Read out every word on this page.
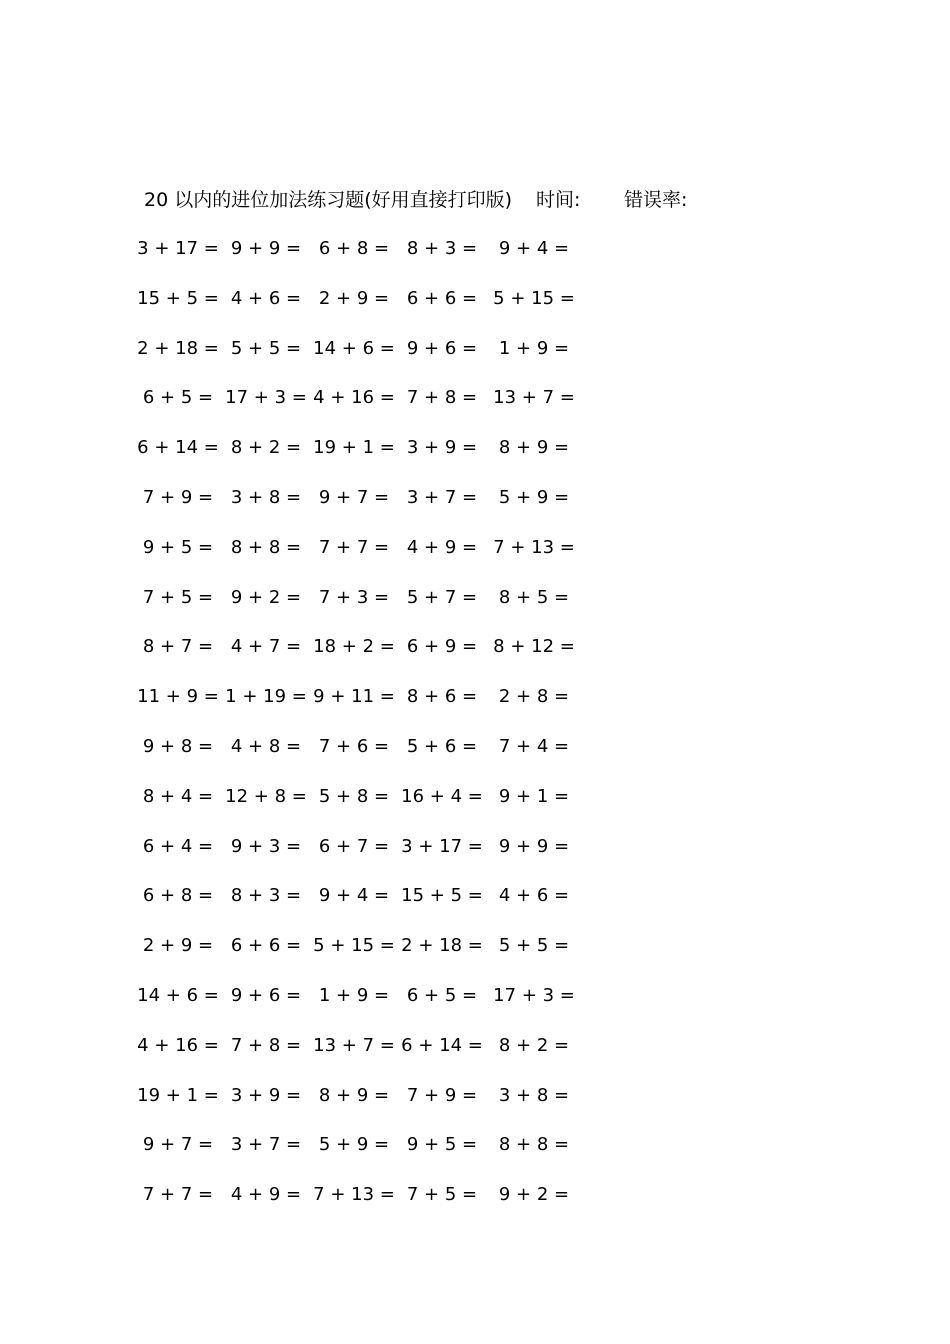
20 以内的进位加法练习题(好用直接打印版) 时间: 错误率:
3 + 17 = 9 + 9 = 6 + 8 = 8 + 3 =	9 + 4 =
15 + 5 = 4 + 6 = 2 + 9 = 6 + 6 = 5 + 15 =
2 + 18 = 5 + 5 = 14 + 6 = 9 + 6 =	1 + 9 =
6 + 5 = 17 + 3 = 4 + 16 = 7 + 8 = 13 + 7 =
6 + 14 = 8 + 2 = 19 + 1 = 3 + 9 =	8 + 9 =
7 + 9 = 3 + 8 = 9 + 7 = 3 + 7 =	5 + 9 =
9 + 5 = 8 + 8 = 7 + 7 = 4 + 9 = 7 + 13 =
7 + 5 = 9 + 2 = 7 + 3 = 5 + 7 =	8 + 5 =
8 + 7 = 4 + 7 = 18 + 2 = 6 + 9 = 8 + 12 =
11 + 9 = 1 + 19 = 9 + 11 = 8 + 6 =	2 + 8 =
9 + 8 = 4 + 8 = 7 + 6 = 5 + 6 =	7 + 4 =
8 + 4 = 12 + 8 = 5 + 8 = 16 + 4 = 9 + 1 =
6 + 4 = 9 + 3 = 6 + 7 = 3 + 17 = 9 + 9 =
6 + 8 = 8 + 3 = 9 + 4 = 15 + 5 = 4 + 6 =
2 + 9 = 6 + 6 = 5 + 15 = 2 + 18 = 5 + 5 =
14 + 6 = 9 + 6 = 1 + 9 = 6 + 5 = 17 + 3 =
4 + 16 = 7 + 8 = 13 + 7 = 6 + 14 = 8 + 2 =
19 + 1 = 3 + 9 = 8 + 9 = 7 + 9 =	3 + 8 =
9 + 7 = 3 + 7 = 5 + 9 = 9 + 5 =	8 + 8 =
7 + 7 = 4 + 9 = 7 + 13 = 7 + 5 =	9 + 2 =
